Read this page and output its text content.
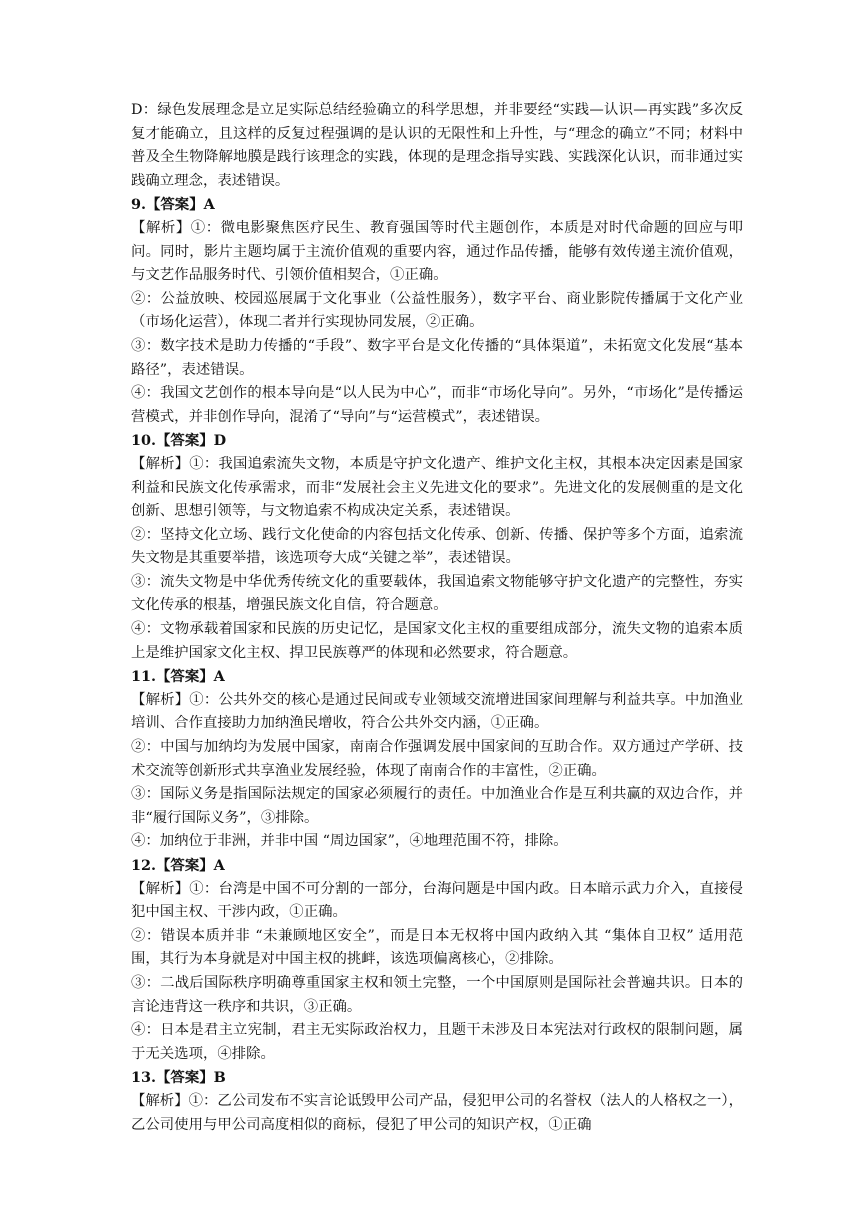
D：绿色发展理念是立足实际总结经验确立的科学思想，并非要经“实践—认识—再实践”多次反复才能确立，且这样的反复过程强调的是认识的无限性和上升性，与“理念的确立”不同；材料中普及全生物降解地膜是践行该理念的实践，体现的是理念指导实践、实践深化认识，而非通过实践确立理念，表述错误。

9.【答案】A

【解析】①：微电影聚焦医疗民生、教育强国等时代主题创作，本质是对时代命题的回应与叩问。同时，影片主题均属于主流价值观的重要内容，通过作品传播，能够有效传递主流价值观，与文艺作品服务时代、引领价值相契合，①正确。

②：公益放映、校园巡展属于文化事业（公益性服务），数字平台、商业影院传播属于文化产业（市场化运营），体现二者并行实现协同发展，②正确。

③：数字技术是助力传播的“手段”、数字平台是文化传播的“具体渠道”，未拓宽文化发展“基本路径”，表述错误。

④：我国文艺创作的根本导向是“以人民为中心”，而非“市场化导向”。另外，“市场化”是传播运营模式，并非创作导向，混淆了“导向”与“运营模式”，表述错误。

10.【答案】D

【解析】①：我国追索流失文物，本质是守护文化遗产、维护文化主权，其根本决定因素是国家利益和民族文化传承需求，而非“发展社会主义先进文化的要求”。先进文化的发展侧重的是文化创新、思想引领等，与文物追索不构成决定关系，表述错误。

②：坚持文化立场、践行文化使命的内容包括文化传承、创新、传播、保护等多个方面，追索流失文物是其重要举措，该选项夸大成“关键之举”，表述错误。

③：流失文物是中华优秀传统文化的重要载体，我国追索文物能够守护文化遗产的完整性，夯实文化传承的根基，增强民族文化自信，符合题意。

④：文物承载着国家和民族的历史记忆，是国家文化主权的重要组成部分，流失文物的追索本质上是维护国家文化主权、捍卫民族尊严的体现和必然要求，符合题意。

11.【答案】A

【解析】①：公共外交的核心是通过民间或专业领域交流增进国家间理解与利益共享。中加渔业培训、合作直接助力加纳渔民增收，符合公共外交内涵，①正确。

②：中国与加纳均为发展中国家，南南合作强调发展中国家间的互助合作。双方通过产学研、技术交流等创新形式共享渔业发展经验，体现了南南合作的丰富性，②正确。

③：国际义务是指国际法规定的国家必须履行的责任。中加渔业合作是互利共赢的双边合作，并非“履行国际义务”，③排除。

④：加纳位于非洲，并非中国 “周边国家”，④地理范围不符，排除。

12.【答案】A

【解析】①：台湾是中国不可分割的一部分，台海问题是中国内政。日本暗示武力介入，直接侵犯中国主权、干涉内政，①正确。

②：错误本质并非 “未兼顾地区安全”，而是日本无权将中国内政纳入其 “集体自卫权” 适用范围，其行为本身就是对中国主权的挑衅，该选项偏离核心，②排除。

③：二战后国际秩序明确尊重国家主权和领土完整，一个中国原则是国际社会普遍共识。日本的言论违背这一秩序和共识，③正确。

④：日本是君主立宪制，君主无实际政治权力，且题干未涉及日本宪法对行政权的限制问题，属于无关选项，④排除。

13.【答案】B

【解析】①：乙公司发布不实言论诋毁甲公司产品，侵犯甲公司的名誉权（法人的人格权之一），乙公司使用与甲公司高度相似的商标，侵犯了甲公司的知识产权，①正确
